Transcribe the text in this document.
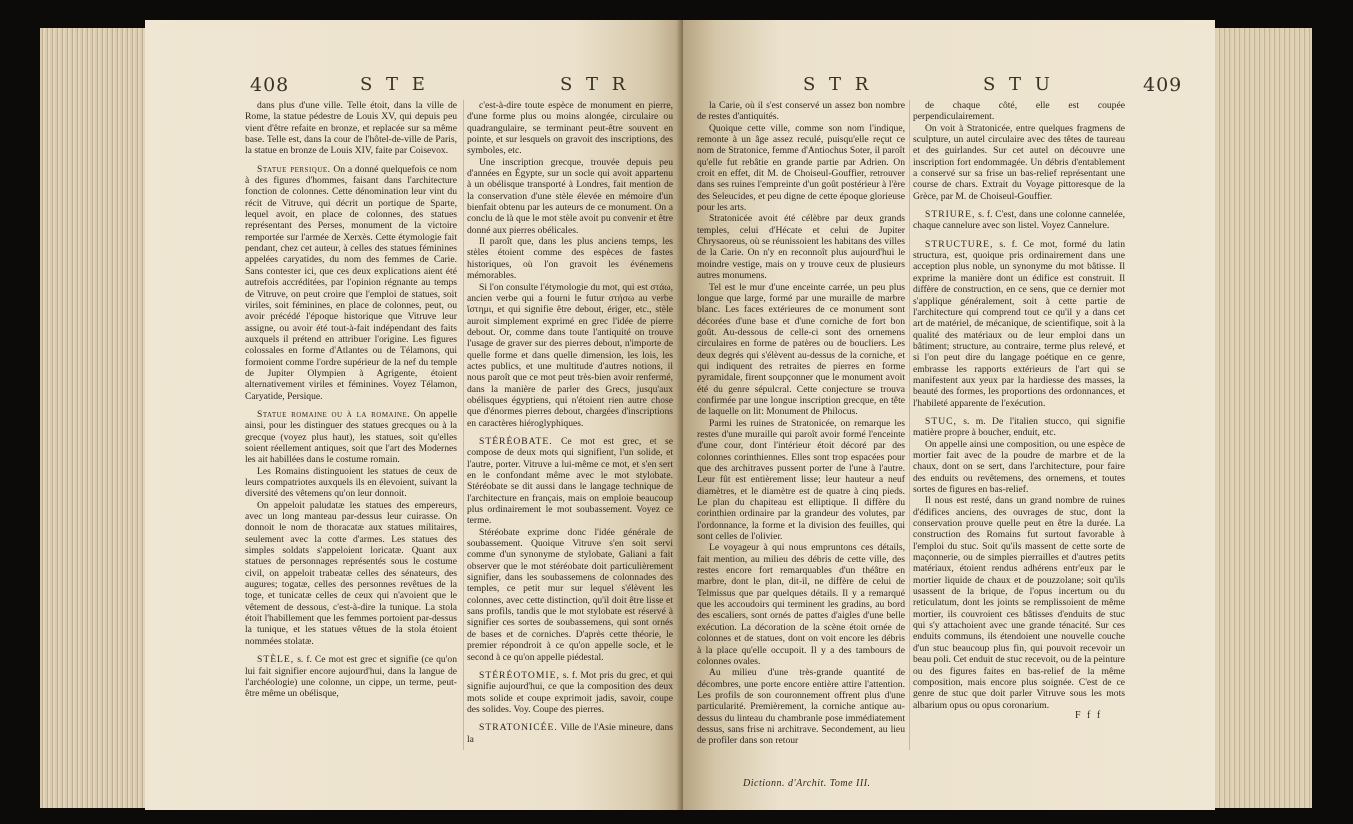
408	S T E	S T R

dans plus d'une ville. Telle étoit, dans la ville de Rome, la statue pédestre de Louis XV, qui depuis peu vient d'être refaite en bronze, et replacée sur sa même base. Telle est, dans la cour de l'hôtel-de-ville de Paris, la statue en bronze de Louis XIV, faite par Coisevox.

Statue persique. On a donné quelquefois ce nom à des figures d'hommes, faisant dans l'architecture fonction de colonnes. Cette dénomination leur vint du récit de Vitruve, qui décrit un portique de Sparte, lequel avoit, en place de colonnes, des statues représentant des Perses, monument de la victoire remportée sur l'armée de Xerxès. Cette étymologie fait pendant, chez cet auteur, à celles des statues féminines appelées caryatides, du nom des femmes de Carie. Sans contester ici, que ces deux explications aient été autrefois accréditées, par l'opinion régnante au temps de Vitruve, on peut croire que l'emploi de statues, soit viriles, soit féminines, en place de colonnes, peut, ou avoir précédé l'époque historique que Vitruve leur assigne, ou avoir été tout-à-fait indépendant des faits auxquels il prétend en attribuer l'origine. Les figures colossales en forme d'Atlantes ou de Télamons, qui formoient comme l'ordre supérieur de la nef du temple de Jupiter Olympien à Agrigente, étoient alternativement viriles et féminines. Voyez Télamon, Caryatide, Persique.

Statue romaine ou à la romaine. On appelle ainsi, pour les distinguer des statues grecques ou à la grecque (voyez plus haut), les statues, soit qu'elles soient réellement antiques, soit que l'art des Modernes les ait habillées dans le costume romain.

Les Romains distinguoient les statues de ceux de leurs compatriotes auxquels ils en élevoient, suivant la diversité des vêtemens qu'on leur donnoit.

On appeloit paludatæ les statues des empereurs, avec un long manteau par-dessus leur cuirasse. On donnoit le nom de thoracatæ aux statues militaires, seulement avec la cotte d'armes. Les statues des simples soldats s'appeloient loricatæ. Quant aux statues de personnages représentés sous le costume civil, on appeloit trabeatæ celles des sénateurs, des augures; togatæ, celles des personnes revêtues de la toge, et tunicatæ celles de ceux qui n'avoient que le vêtement de dessous, c'est-à-dire la tunique. La stola étoit l'habillement que les femmes portoient par-dessus la tunique, et les statues vêtues de la stola étoient nommées stolatæ.

STÈLE, s. f. Ce mot est grec et signifie (ce qu'on lui fait signifier encore aujourd'hui, dans la langue de l'archéologie) une colonne, un cippe, un terme, peut-être même un obélisque,

c'est-à-dire toute espèce de monument en pierre, d'une forme plus ou moins alongée, circulaire ou quadrangulaire, se terminant peut-être souvent en pointe, et sur lesquels on gravoit des inscriptions, des symboles, etc.

Une inscription grecque, trouvée depuis peu d'années en Égypte, sur un socle qui avoit appartenu à un obélisque transporté à Londres, fait mention de la conservation d'une stèle élevée en mémoire d'un bienfait obtenu par les auteurs de ce monument. On a conclu de là que le mot stèle avoit pu convenir et être donné aux pierres obélicales.

Il paroît que, dans les plus anciens temps, les stèles étoient comme des espèces de fastes historiques, où l'on gravoit les événemens mémorables.

Si l'on consulte l'étymologie du mot, qui est στάω, ancien verbe qui a fourni le futur στήσω au verbe ἵστημι, et qui signifie être debout, ériger, etc., stèle auroit simplement exprimé en grec l'idée de pierre debout. Or, comme dans toute l'antiquité on trouve l'usage de graver sur des pierres debout, n'importe de quelle forme et dans quelle dimension, les lois, les actes publics, et une multitude d'autres notions, il nous paroît que ce mot peut très-bien avoir renfermé, dans la manière de parler des Grecs, jusqu'aux obélisques égyptiens, qui n'étoient rien autre chose que d'énormes pierres debout, chargées d'inscriptions en caractères hiéroglyphiques.

STÉRÉOBATE. Ce mot est grec, et se compose de deux mots qui signifient, l'un solide, et l'autre, porter. Vitruve a lui-même ce mot, et s'en sert en le confondant même avec le mot stylobate. Stéréobate se dit aussi dans le langage technique de l'architecture en français, mais on emploie beaucoup plus ordinairement le mot soubassement. Voyez ce terme.

Stéréobate exprime donc l'idée générale de soubassement. Quoique Vitruve s'en soit servi comme d'un synonyme de stylobate, Galiani a fait observer que le mot stéréobate doit particulièrement signifier, dans les soubassemens de colonnades des temples, ce petit mur sur lequel s'élèvent les colonnes, avec cette distinction, qu'il doit être lisse et sans profils, tandis que le mot stylobate est réservé à signifier ces sortes de soubassemens, qui sont ornés de bases et de corniches. D'après cette théorie, le premier répondroit à ce qu'on appelle socle, et le second à ce qu'on appelle piédestal.

STÉRÉOTOMIE, s. f. Mot pris du grec, et qui signifie aujourd'hui, ce que la composition des deux mots solide et coupe exprimoit jadis, savoir, coupe des solides. Voy. Coupe des pierres.

STRATONICÉE. Ville de l'Asie mineure, dans la

S T R	S T U	409

la Carie, où il s'est conservé un assez bon nombre de restes d'antiquités.

Quoique cette ville, comme son nom l'indique, remonte à un âge assez reculé, puisqu'elle reçut ce nom de Stratonice, femme d'Antiochus Soter, il paroît qu'elle fut rebâtie en grande partie par Adrien. On croit en effet, dit M. de Choiseul-Gouffier, retrouver dans ses ruines l'empreinte d'un goût postérieur à l'ère des Seleucides, et peu digne de cette époque glorieuse pour les arts.

Stratonicée avoit été célèbre par deux grands temples, celui d'Hécate et celui de Jupiter Chrysaoreus, où se réunissoient les habitans des villes de la Carie. On n'y en reconnoît plus aujourd'hui le moindre vestige, mais on y trouve ceux de plusieurs autres monumens.

Tel est le mur d'une enceinte carrée, un peu plus longue que large, formé par une muraille de marbre blanc. Les faces extérieures de ce monument sont décorées d'une base et d'une corniche de fort bon goût. Au-dessous de celle-ci sont des ornemens circulaires en forme de patères ou de boucliers. Les deux degrés qui s'élèvent au-dessus de la corniche, et qui indiquent des retraites de pierres en forme pyramidale, firent soupçonner que le monument avoit été du genre sépulcral. Cette conjecture se trouva confirmée par une longue inscription grecque, en tête de laquelle on lit: Monument de Philocus.

Parmi les ruines de Stratonicée, on remarque les restes d'une muraille qui paroît avoir formé l'enceinte d'une cour, dont l'intérieur étoit décoré par des colonnes corinthiennes. Elles sont trop espacées pour que des architraves pussent porter de l'une à l'autre. Leur fût est entièrement lisse; leur hauteur a neuf diamètres, et le diamètre est de quatre à cinq pieds. Le plan du chapiteau est elliptique. Il diffère du corinthien ordinaire par la grandeur des volutes, par l'ordonnance, la forme et la division des feuilles, qui sont celles de l'olivier.

Le voyageur à qui nous empruntons ces détails, fait mention, au milieu des débris de cette ville, des restes encore fort remarquables d'un théâtre en marbre, dont le plan, dit-il, ne diffère de celui de Telmissus que par quelques détails. Il y a remarqué que les accoudoirs qui terminent les gradins, au bord des escaliers, sont ornés de pattes d'aigles d'une belle exécution. La décoration de la scène étoit ornée de colonnes et de statues, dont on voit encore les débris à la place qu'elle occupoit. Il y a des tambours de colonnes ovales.

Au milieu d'une très-grande quantité de décombres, une porte encore entière attire l'attention. Les profils de son couronnement offrent plus d'une particularité. Premièrement, la corniche antique au-dessus du linteau du chambranle pose immédiatement dessus, sans frise ni architrave. Secondement, au lieu de profiler dans son retour

de chaque côté, elle est coupée perpendiculairement.

On voit à Stratonicée, entre quelques fragmens de sculpture, un autel circulaire avec des têtes de taureau et des guirlandes. Sur cet autel on découvre une inscription fort endommagée. Un débris d'entablement a conservé sur sa frise un bas-relief représentant une course de chars. Extrait du Voyage pittoresque de la Grèce, par M. de Choiseul-Gouffier.

STRIURE, s. f. C'est, dans une colonne cannelée, chaque cannelure avec son listel. Voyez Cannelure.

STRUCTURE, s. f. Ce mot, formé du latin structura, est, quoique pris ordinairement dans une acception plus noble, un synonyme du mot bâtisse. Il exprime la manière dont un édifice est construit. Il diffère de construction, en ce sens, que ce dernier mot s'applique généralement, soit à cette partie de l'architecture qui comprend tout ce qu'il y a dans cet art de matériel, de mécanique, de scientifique, soit à la qualité des matériaux ou de leur emploi dans un bâtiment; structure, au contraire, terme plus relevé, et si l'on peut dire du langage poétique en ce genre, embrasse les rapports extérieurs de l'art qui se manifestent aux yeux par la hardiesse des masses, la beauté des formes, les proportions des ordonnances, et l'habileté apparente de l'exécution.

STUC, s. m. De l'italien stucco, qui signifie matière propre à boucher, enduit, etc.

On appelle ainsi une composition, ou une espèce de mortier fait avec de la poudre de marbre et de la chaux, dont on se sert, dans l'architecture, pour faire des enduits ou revêtemens, des ornemens, et toutes sortes de figures en bas-relief.

Il nous est resté, dans un grand nombre de ruines d'édifices anciens, des ouvrages de stuc, dont la conservation prouve quelle peut en être la durée. La construction des Romains fut surtout favorable à l'emploi du stuc. Soit qu'ils massent de cette sorte de maçonnerie, ou de simples pierrailles et d'autres petits matériaux, étoient rendus adhérens entr'eux par le mortier liquide de chaux et de pouzzolane; soit qu'ils usassent de la brique, de l'opus incertum ou du reticulatum, dont les joints se remplissoient de même mortier, ils couvroient ces bâtisses d'enduits de stuc qui s'y attachoient avec une grande ténacité. Sur ces enduits communs, ils étendoient une nouvelle couche d'un stuc beaucoup plus fin, qui pouvoit recevoir un beau poli. Cet enduit de stuc recevoit, ou de la peinture ou des figures faites en bas-relief de la même composition, mais encore plus soignée. C'est de ce genre de stuc que doit parler Vitruve sous les mots albarium opus ou opus coronarium.

Dictionn. d'Archit. Tome III.
F f f
